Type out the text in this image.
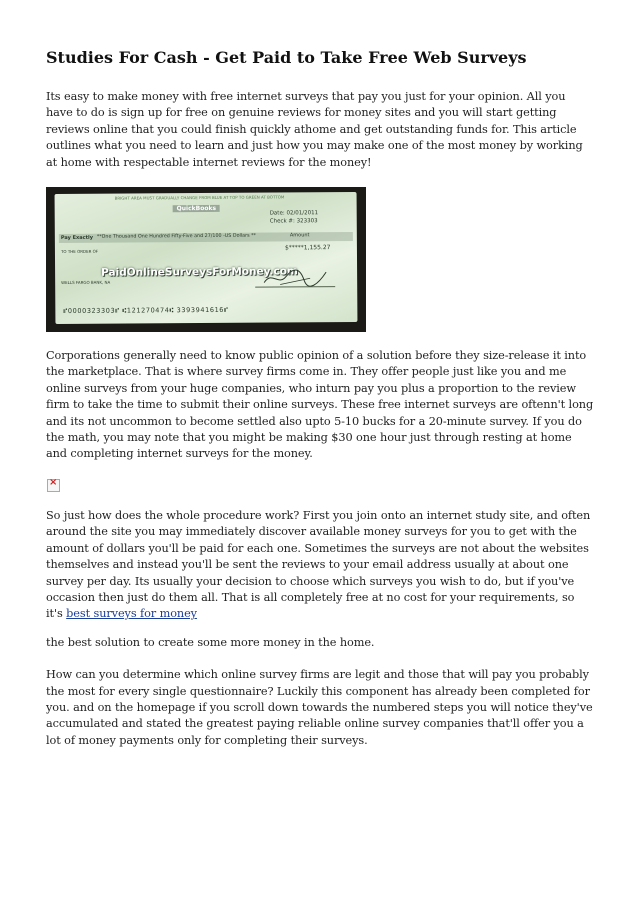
Studies For Cash - Get Paid to Take Free Web Surveys

Its easy to make money with free internet surveys that pay you just for your opinion. All you have to do is sign up for free on genuine reviews for money sites and you will start getting reviews online that you could finish quickly athome and get outstanding funds for. This article outlines what you need to learn and just how you may make one of the most money by working at home with respectable internet reviews for the money!

BRIGHT AREA MUST GRADUALLY CHANGE FROM BLUE AT TOP TO GREEN AT BOTTOM
QuickBooks
Date: 02/01/2011
Check #: 323303
Pay Exactly **One Thousand One Hundred Fifty-Five and 27/100 -US Dollars **	Amount
$*****1,155.27
TO THE ORDER OF
PaidOnlineSurveysForMoney.com
WELLS FARGO BANK, NA
⑈0000323303⑈ ⑆121270474⑆ 3393941616⑈

Corporations generally need to know public opinion of a solution before they size-release it into the marketplace. That is where survey firms come in. They offer people just like you and me online surveys from your huge companies, who inturn pay you plus a proportion to the review firm to take the time to submit their online surveys. These free internet surveys are oftenn't long and its not uncommon to become settled also upto 5-10 bucks for a 20-minute survey. If you do the math, you may note that you might be making $30 one hour just through resting at home and completing internet surveys for the money.

×

So just how does the whole procedure work? First you join onto an internet study site, and often around the site you may immediately discover available money surveys for you to get with the amount of dollars you'll be paid for each one. Sometimes the surveys are not about the websites themselves and instead you'll be sent the reviews to your email address usually at about one survey per day. Its usually your decision to choose which surveys you wish to do, but if you've occasion then just do them all. That is all completely free at no cost for your requirements, so it's best surveys for money

the best solution to create some more money in the home.

How can you determine which online survey firms are legit and those that will pay you probably the most for every single questionnaire? Luckily this component has already been completed for you. and on the homepage if you scroll down towards the numbered steps you will notice they've accumulated and stated the greatest paying reliable online survey companies that'll offer you a lot of money payments only for completing their surveys.
